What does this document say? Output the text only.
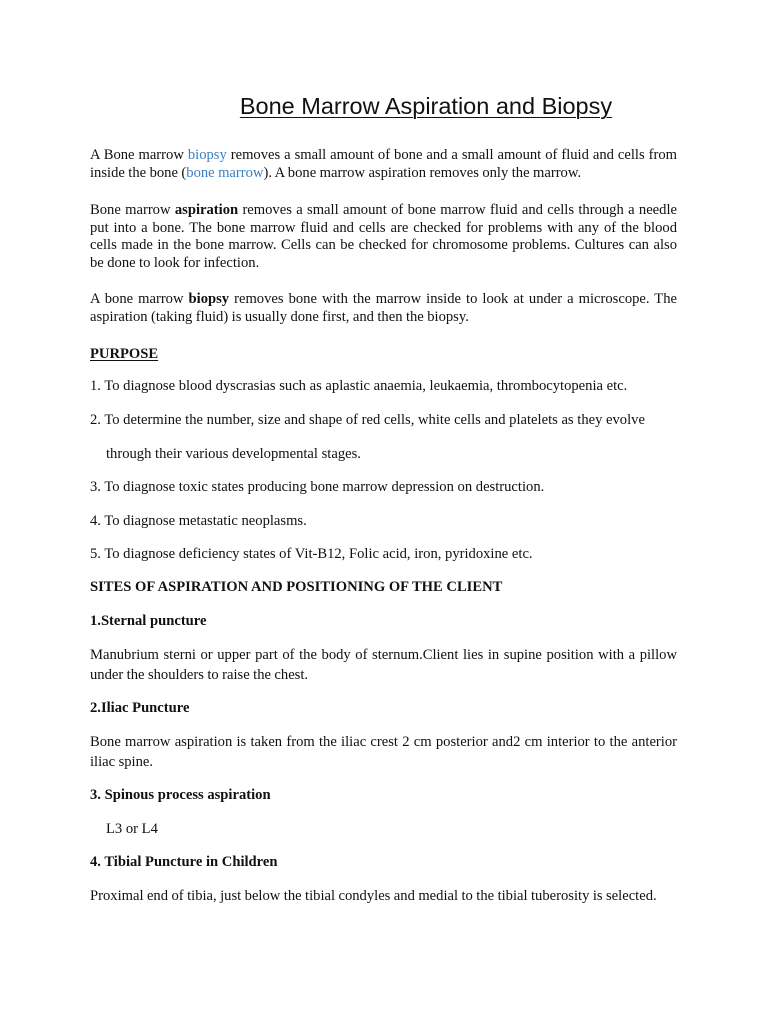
Bone Marrow Aspiration and Biopsy

A Bone marrow biopsy removes a small amount of bone and a small amount of fluid and cells from inside the bone (bone marrow). A bone marrow aspiration removes only the marrow.

Bone marrow aspiration removes a small amount of bone marrow fluid and cells through a needle put into a bone. The bone marrow fluid and cells are checked for problems with any of the blood cells made in the bone marrow. Cells can be checked for chromosome problems. Cultures can also be done to look for infection.

A bone marrow biopsy removes bone with the marrow inside to look at under a microscope. The aspiration (taking fluid) is usually done first, and then the biopsy.

PURPOSE

1. To diagnose blood dyscrasias such as aplastic anaemia, leukaemia, thrombocytopenia etc.

2. To determine the number, size and shape of red cells, white cells and platelets as they evolve

through their various developmental stages.

3. To diagnose toxic states producing bone marrow depression on destruction.

4. To diagnose metastatic neoplasms.

5. To diagnose deficiency states of Vit-B12, Folic acid, iron, pyridoxine etc.

SITES OF ASPIRATION AND POSITIONING OF THE CLIENT

1.Sternal puncture

Manubrium sterni or upper part of the body of sternum.Client lies in supine position with a pillow under the shoulders to raise the chest.

2.Iliac Puncture

Bone marrow aspiration is taken from the iliac crest 2 cm posterior and2 cm interior to the anterior iliac spine.

3. Spinous process aspiration

L3 or L4

4. Tibial Puncture in Children

Proximal end of tibia, just below the tibial condyles and medial to the tibial tuberosity is selected.
